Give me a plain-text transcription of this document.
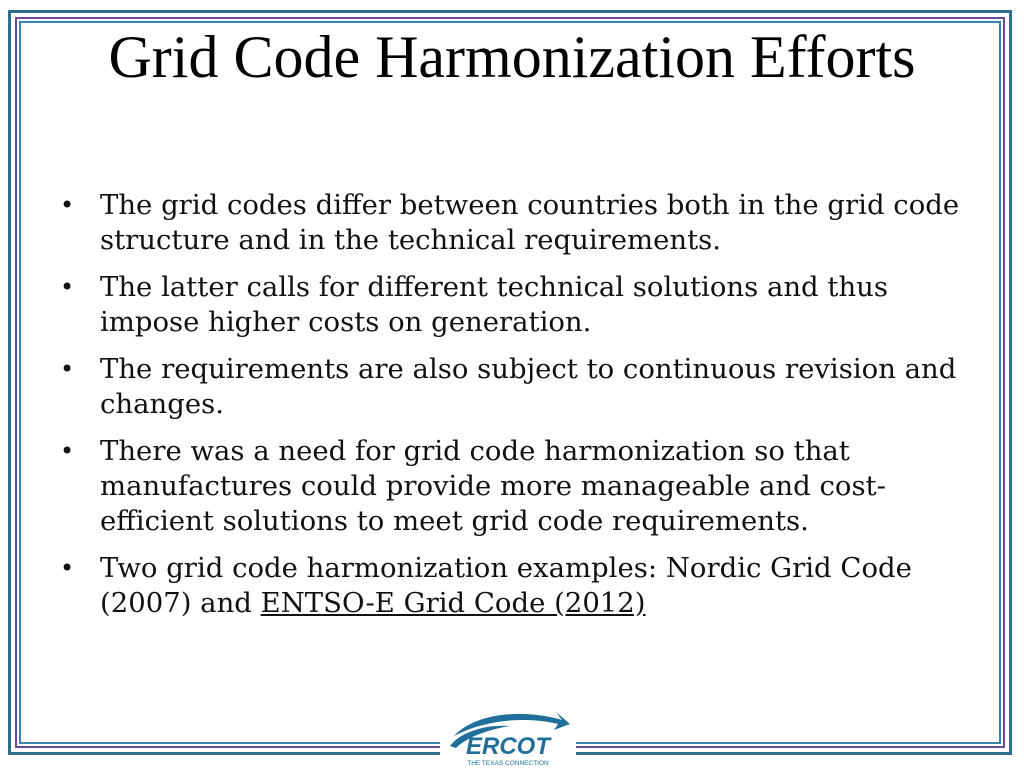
Grid Code Harmonization Efforts
• The grid codes differ between countries both in the grid code structure and in the technical requirements.
• The latter calls for different technical solutions and thus impose higher costs on generation.
• The requirements are also subject to continuous revision and changes.
• There was a need for grid code harmonization so that manufactures could provide more manageable and cost-efficient solutions to meet grid code requirements.
• Two grid code harmonization examples: Nordic Grid Code (2007) and ENTSO-E Grid Code (2012)
ERCOT
THE TEXAS CONNECTION
